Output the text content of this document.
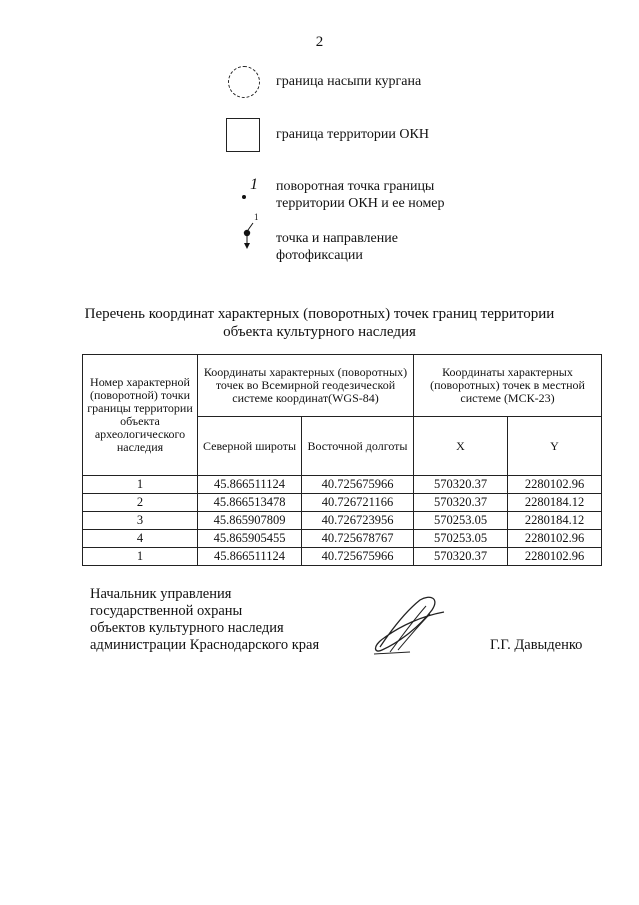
2
граница насыпи кургана
граница территории ОКН
1 поворотная точка границы
территории ОКН и ее номер
1
точка и направление
фотофиксации
Перечень координат характерных (поворотных) точек границ территории
объекта культурного наследия
Номер характерной (поворотной) точки границы территории объекта археологического наследия	Координаты характерных (поворотных) точек во Всемирной геодезической системе координат(WGS-84)		Координаты характерных (поворотных) точек в местной системе (МСК-23)	
	Северной широты	Восточной долготы	X	Y
1	45.866511124	40.725675966	570320.37	2280102.96
2	45.866513478	40.726721166	570320.37	2280184.12
3	45.865907809	40.726723956	570253.05	2280184.12
4	45.865905455	40.725678767	570253.05	2280102.96
1	45.866511124	40.725675966	570320.37	2280102.96
Начальник управления
государственной охраны
объектов культурного наследия
администрации Краснодарского края	Г.Г. Давыденко
